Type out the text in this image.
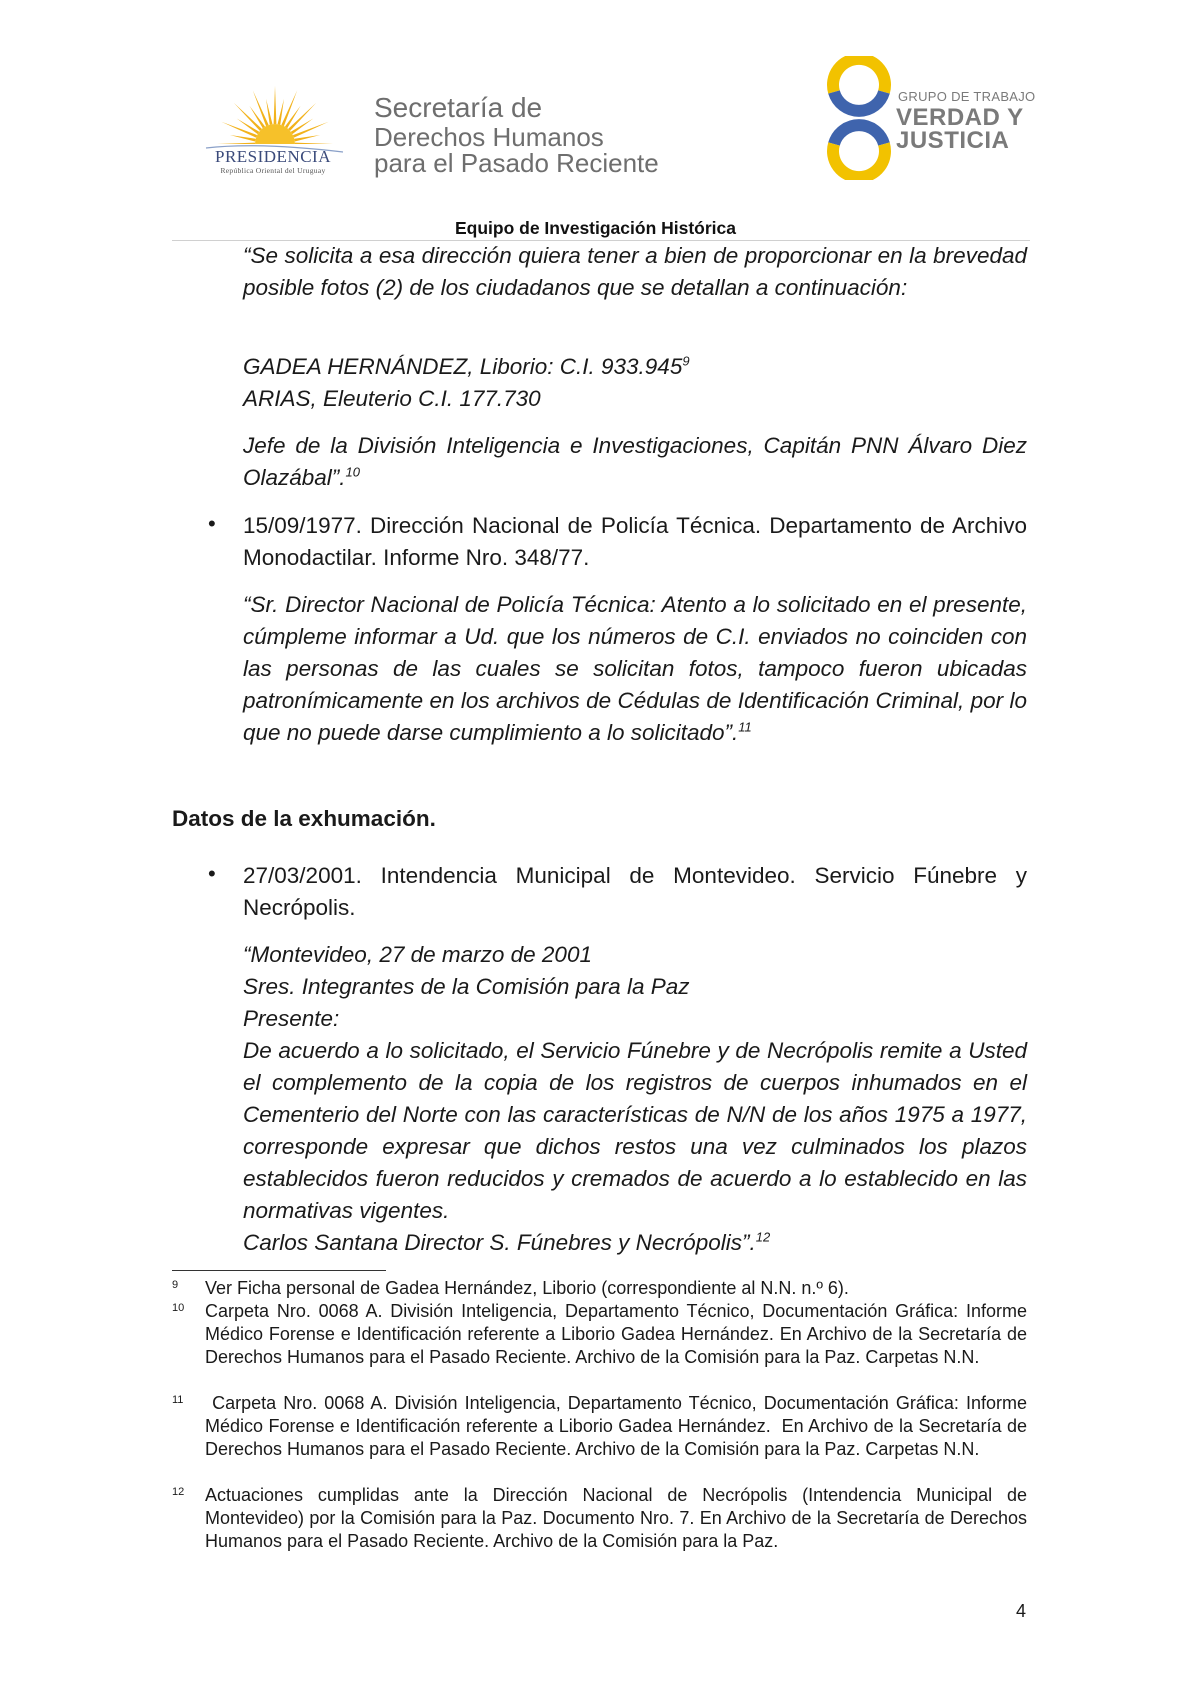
PRESIDENCIA
República Oriental del Uruguay
Secretaría de
Derechos Humanos
para el Pasado Reciente
GRUPO DE TRABAJO
VERDAD Y
JUSTICIA
Equipo de Investigación Histórica
“Se solicita a esa dirección quiera tener a bien de proporcionar en la brevedad posible fotos (2) de los ciudadanos que se detallan a continuación:
GADEA HERNÁNDEZ, Liborio: C.I. 933.945$^9$
ARIAS, Eleuterio C.I. 177.730
Jefe de la División Inteligencia e Investigaciones, Capitán PNN Álvaro Diez Olazábal”.$^{10}$
• 15/09/1977. Dirección Nacional de Policía Técnica. Departamento de Archivo Monodactilar. Informe Nro. 348/77.
“Sr. Director Nacional de Policía Técnica: Atento a lo solicitado en el presente, cúmpleme informar a Ud. que los números de C.I. enviados no coinciden con las personas de las cuales se solicitan fotos, tampoco fueron ubicadas patronímicamente en los archivos de Cédulas de Identificación Criminal, por lo que no puede darse cumplimiento a lo solicitado”.$^{11}$
Datos de la exhumación.
• 27/03/2001. Intendencia Municipal de Montevideo. Servicio Fúnebre y Necrópolis.
“Montevideo, 27 de marzo de 2001
Sres. Integrantes de la Comisión para la Paz
Presente:
De acuerdo a lo solicitado, el Servicio Fúnebre y de Necrópolis remite a Usted el complemento de la copia de los registros de cuerpos inhumados en el Cementerio del Norte con las características de N/N de los años 1975 a 1977, corresponde expresar que dichos restos una vez culminados los plazos establecidos fueron reducidos y cremados de acuerdo a lo establecido en las normativas vigentes.
Carlos Santana Director S. Fúnebres y Necrópolis”.$^{12}$
9 Ver Ficha personal de Gadea Hernández, Liborio (correspondiente al N.N. n.º 6).
10 Carpeta Nro. 0068 A. División Inteligencia, Departamento Técnico, Documentación Gráfica: Informe Médico Forense e Identificación referente a Liborio Gadea Hernández. En Archivo de la Secretaría de Derechos Humanos para el Pasado Reciente. Archivo de la Comisión para la Paz. Carpetas N.N.
11 Carpeta Nro. 0068 A. División Inteligencia, Departamento Técnico, Documentación Gráfica: Informe Médico Forense e Identificación referente a Liborio Gadea Hernández.  En Archivo de la Secretaría de Derechos Humanos para el Pasado Reciente. Archivo de la Comisión para la Paz. Carpetas N.N.
12 Actuaciones cumplidas ante la Dirección Nacional de Necrópolis (Intendencia Municipal de Montevideo) por la Comisión para la Paz. Documento Nro. 7. En Archivo de la Secretaría de Derechos Humanos para el Pasado Reciente. Archivo de la Comisión para la Paz.
4
